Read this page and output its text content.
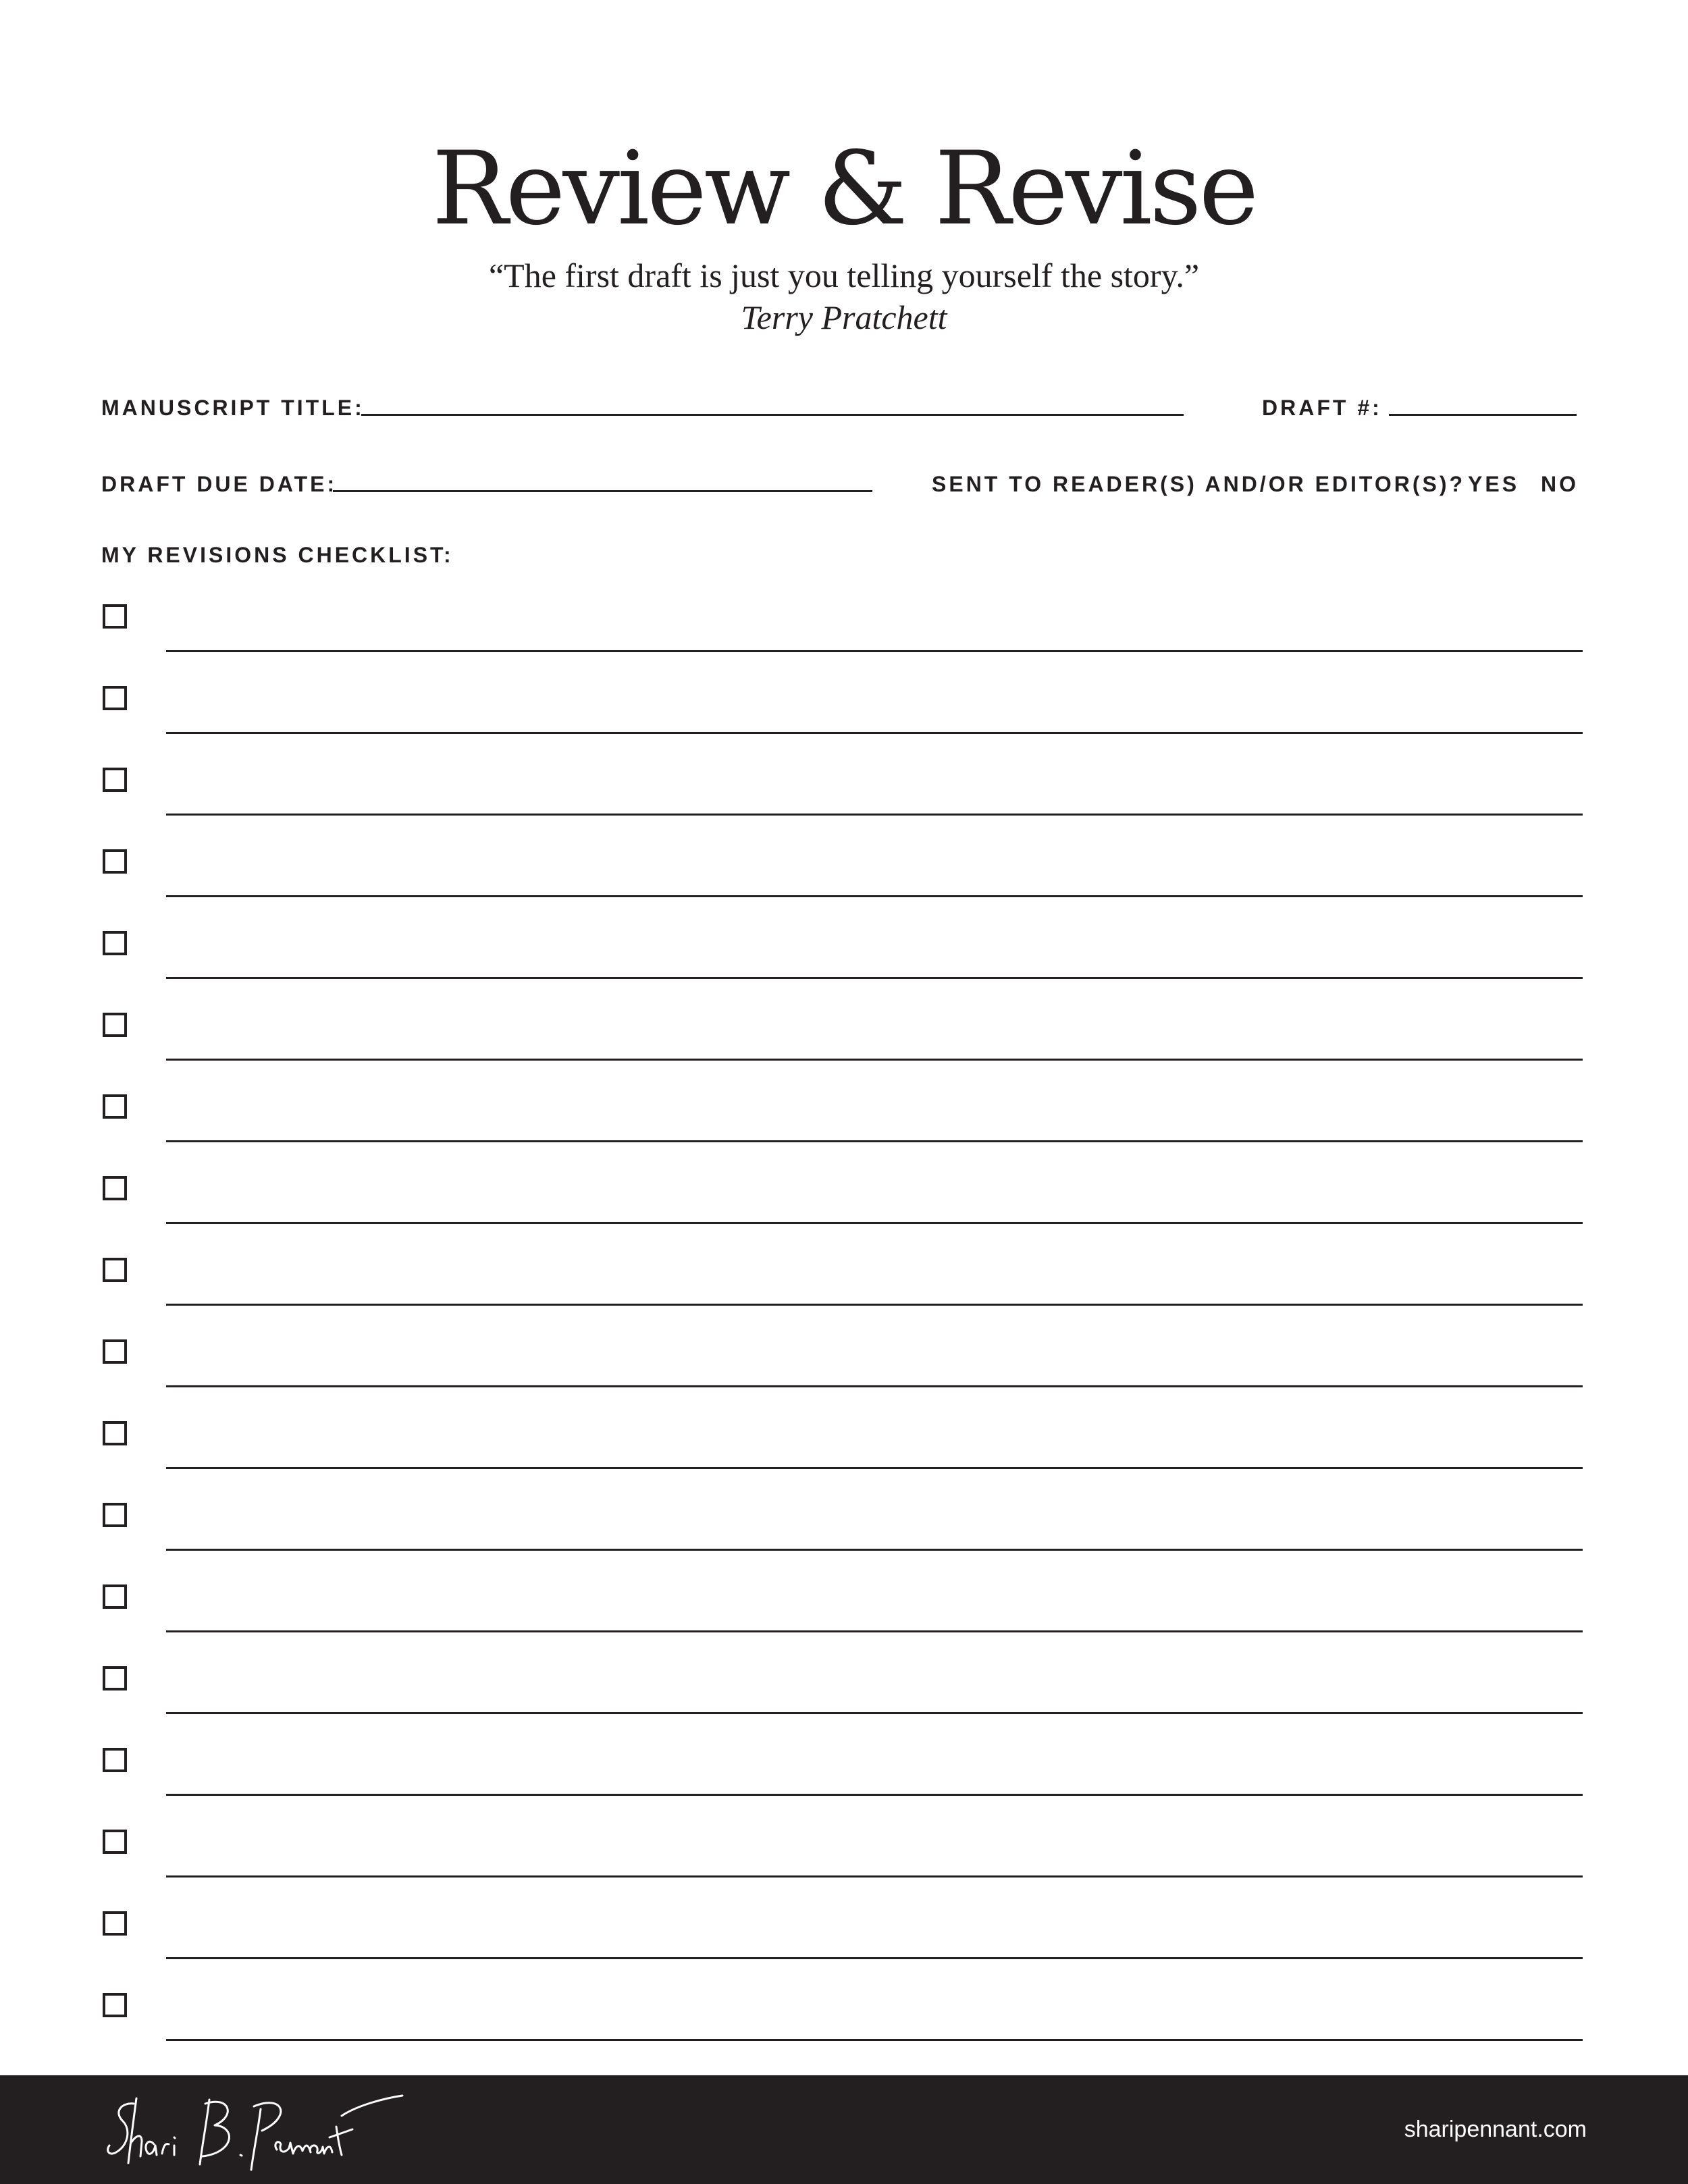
Review & Revise
“The first draft is just you telling yourself the story.”
Terry Pratchett
MANUSCRIPT TITLE:	DRAFT #:
DRAFT DUE DATE:	SENT TO READER(S) AND/OR EDITOR(S)? YES NO
MY REVISIONS CHECKLIST:
sharipennant.com
